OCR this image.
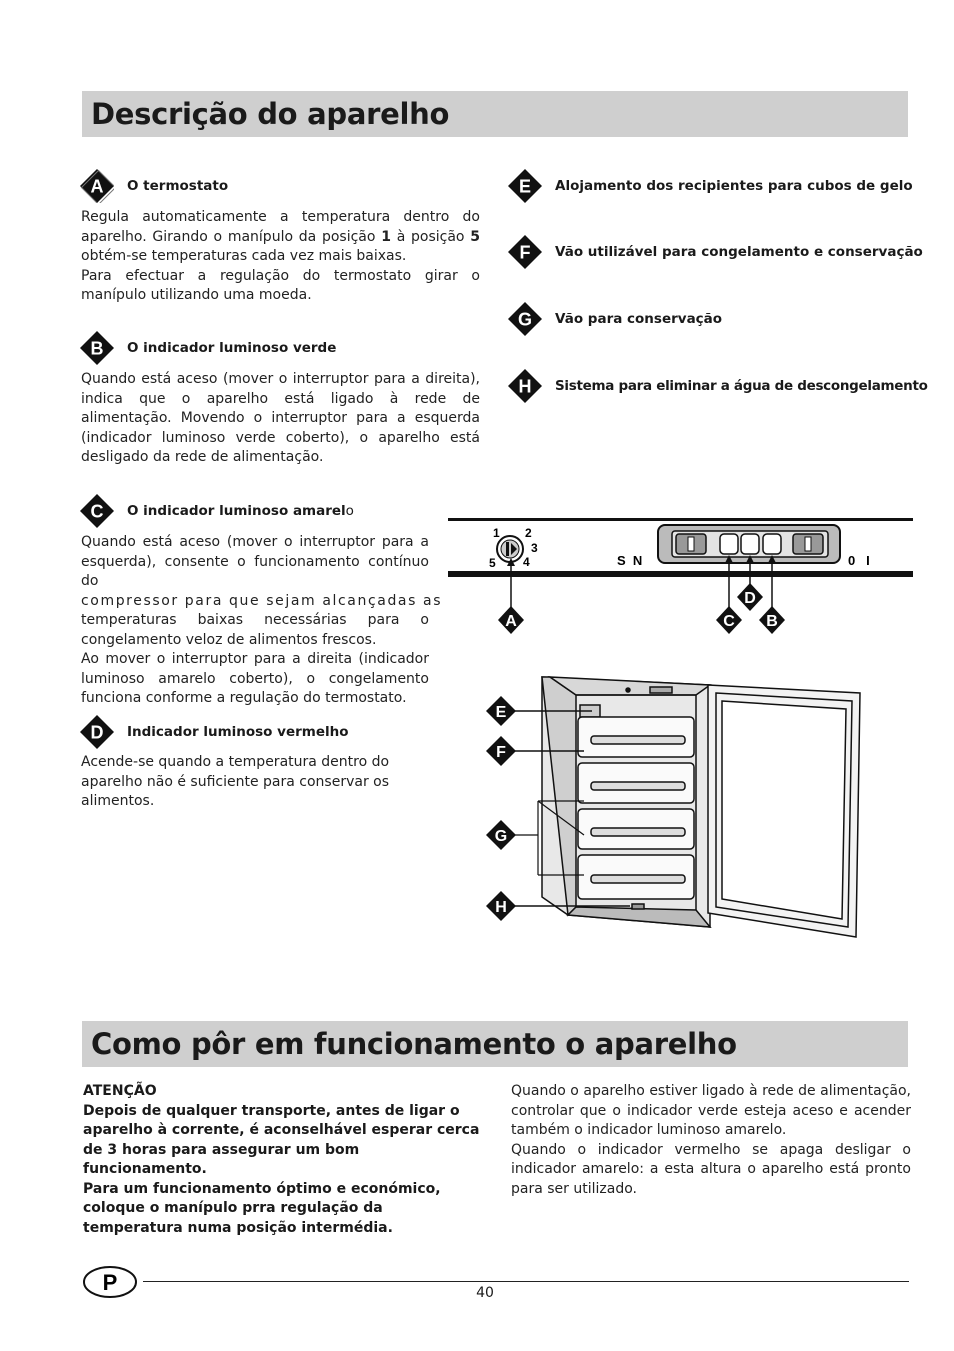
Descrição do aparelho
A O termostato

Regula automaticamente a temperatura dentro do aparelho. Girando o manípulo da posição 1 à posição 5 obtém-se temperaturas cada vez mais baixas.

Para efectuar a regulação do termostato girar o manípulo utilizando uma moeda.

B O indicador luminoso verde

Quando está aceso (mover o interruptor para a direita), indica que o aparelho está ligado à rede de alimentação. Movendo o interruptor para a esquerda (indicador luminoso verde coberto), o aparelho está desligado da rede de alimentação.

C O indicador luminoso amarelo

Quando está aceso (mover o interruptor para a esquerda), consente o funcionamento contínuo do

compressor para que sejam alcançadas as

temperaturas baixas necessárias para o congelamento veloz de alimentos frescos.

Ao mover o interruptor para a direita (indicador luminoso amarelo coberto), o congelamento funciona conforme a regulação do termostato.

D Indicador luminoso vermelho

Acende-se quando a temperatura dentro do aparelho não é suficiente para conservar os alimentos.

E Alojamento dos recipientes para cubos de gelo
F Vão utilizável para congelamento e conservação
G Vão para conservação
H Sistema para eliminar a água de descongelamento
1 2
3
4
5	S  N	0   I
A	C
D
B
E
F
G
H
Como pôr em funcionamento o aparelho

ATENÇÃO

Depois de qualquer transporte, antes de ligar o aparelho à corrente, é aconselhável esperar cerca de 3 horas para assegurar um bom funcionamento.

Para um funcionamento óptimo e económico, coloque o manípulo prra regulação da temperatura numa posição intermédia.

Quando o aparelho estiver ligado à rede de alimentação, controlar que o indicador verde esteja aceso e acender também o indicador luminoso amarelo.

Quando o indicador vermelho se apaga desligar o indicador amarelo: a esta altura o aparelho está pronto para ser utilizado.

P	40
